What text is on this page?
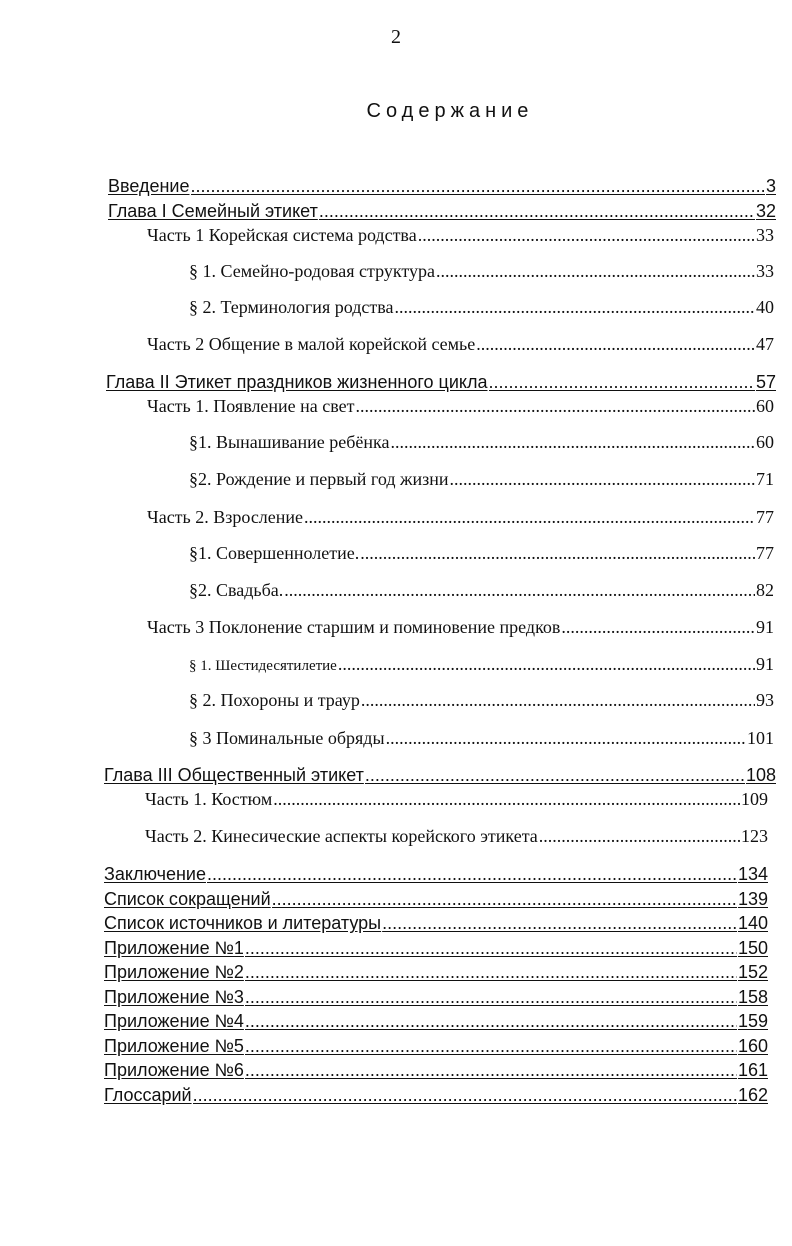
2
Содержание
Введение .....	3
Глава I Семейный этикет .....	32
Часть 1 Корейская система родства .....	33
§ 1. Семейно-родовая структура .....	33
§ 2. Терминология родства .....	40
Часть 2 Общение в малой корейской семье .....	47
Глава II Этикет праздников жизненного цикла .....	57
Часть 1. Появление на свет .....	60
§1. Вынашивание ребёнка .....	60
§2. Рождение и первый год жизни .....	71
Часть 2. Взросление .....	77
§1. Совершеннолетие. .....	77
§2. Свадьба. .....	82
Часть 3 Поклонение старшим и поминовение предков .....	91
§ 1. Шестидесятилетие .....	91
§ 2. Похороны и траур .....	93
§ 3 Поминальные обряды .....	101
Глава III Общественный этикет .....	108
Часть 1. Костюм .....	109
Часть 2. Кинесические аспекты корейского этикета .....	123
Заключение .....	134
Список сокращений .....	139
Список источников и литературы .....	140
Приложение №1 .....	150
Приложение №2 .....	152
Приложение №3 .....	158
Приложение №4 .....	159
Приложение №5 .....	160
Приложение №6 .....	161
Глоссарий .....	162
